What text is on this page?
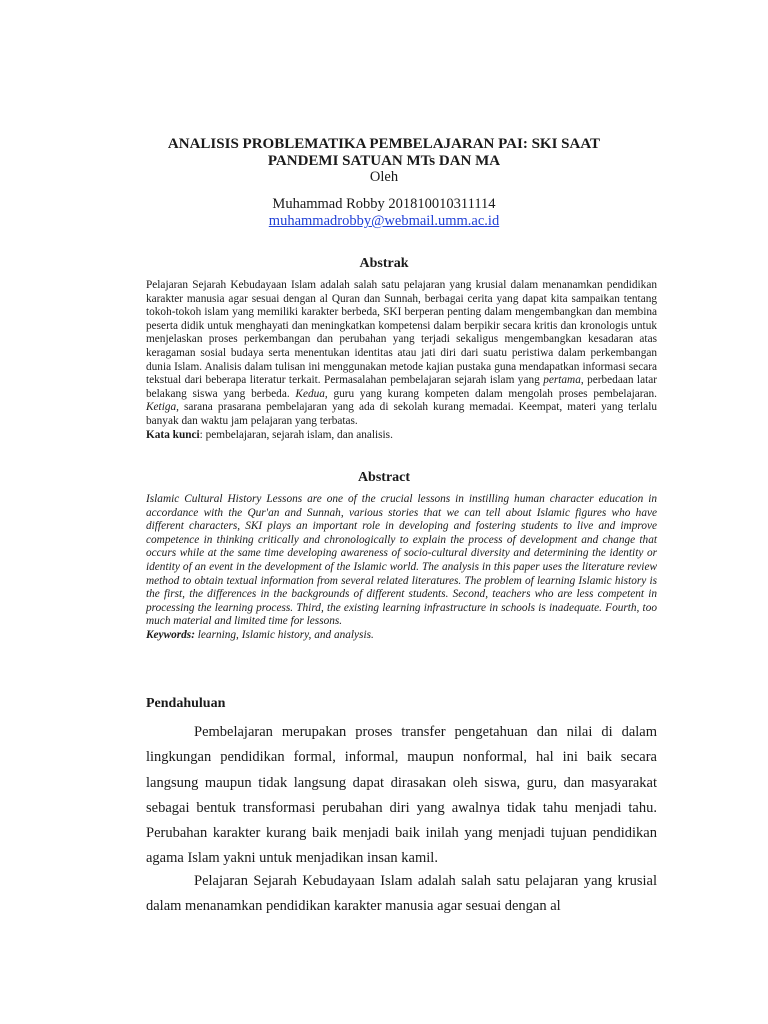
ANALISIS PROBLEMATIKA PEMBELAJARAN PAI: SKI SAAT PANDEMI SATUAN MTs DAN MA

Oleh

Muhammad Robby 201810010311114

muhammadrobby@webmail.umm.ac.id

Abstrak

Pelajaran Sejarah Kebudayaan Islam adalah salah satu pelajaran yang krusial dalam menanamkan pendidikan karakter manusia agar sesuai dengan al Quran dan Sunnah, berbagai cerita yang dapat kita sampaikan tentang tokoh-tokoh islam yang memiliki karakter berbeda, SKI berperan penting dalam mengembangkan dan membina peserta didik untuk menghayati dan meningkatkan kompetensi dalam berpikir secara kritis dan kronologis untuk menjelaskan proses perkembangan dan perubahan yang terjadi sekaligus mengembangkan kesadaran atas keragaman sosial budaya serta menentukan identitas atau jati diri dari suatu peristiwa dalam perkembangan dunia Islam. Analisis dalam tulisan ini menggunakan metode kajian pustaka guna mendapatkan informasi secara tekstual dari beberapa literatur terkait. Permasalahan pembelajaran sejarah islam yang pertama, perbedaan latar belakang siswa yang berbeda. Kedua, guru yang kurang kompeten dalam mengolah proses pembelajaran. Ketiga, sarana prasarana pembelajaran yang ada di sekolah kurang memadai. Keempat, materi yang terlalu banyak dan waktu jam pelajaran yang terbatas.

Kata kunci: pembelajaran, sejarah islam, dan analisis.

Abstract

Islamic Cultural History Lessons are one of the crucial lessons in instilling human character education in accordance with the Qur'an and Sunnah, various stories that we can tell about Islamic figures who have different characters, SKI plays an important role in developing and fostering students to live and improve competence in thinking critically and chronologically to explain the process of development and change that occurs while at the same time developing awareness of socio-cultural diversity and determining the identity or identity of an event in the development of the Islamic world. The analysis in this paper uses the literature review method to obtain textual information from several related literatures. The problem of learning Islamic history is the first, the differences in the backgrounds of different students. Second, teachers who are less competent in processing the learning process. Third, the existing learning infrastructure in schools is inadequate. Fourth, too much material and limited time for lessons.

Keywords: learning, Islamic history, and analysis.

Pendahuluan

Pembelajaran merupakan proses transfer pengetahuan dan nilai di dalam lingkungan pendidikan formal, informal, maupun nonformal, hal ini baik secara langsung maupun tidak langsung dapat dirasakan oleh siswa, guru, dan masyarakat sebagai bentuk transformasi perubahan diri yang awalnya tidak tahu menjadi tahu. Perubahan karakter kurang baik menjadi baik inilah yang menjadi tujuan pendidikan agama Islam yakni untuk menjadikan insan kamil.

Pelajaran Sejarah Kebudayaan Islam adalah salah satu pelajaran yang krusial dalam menanamkan pendidikan karakter manusia agar sesuai dengan al
